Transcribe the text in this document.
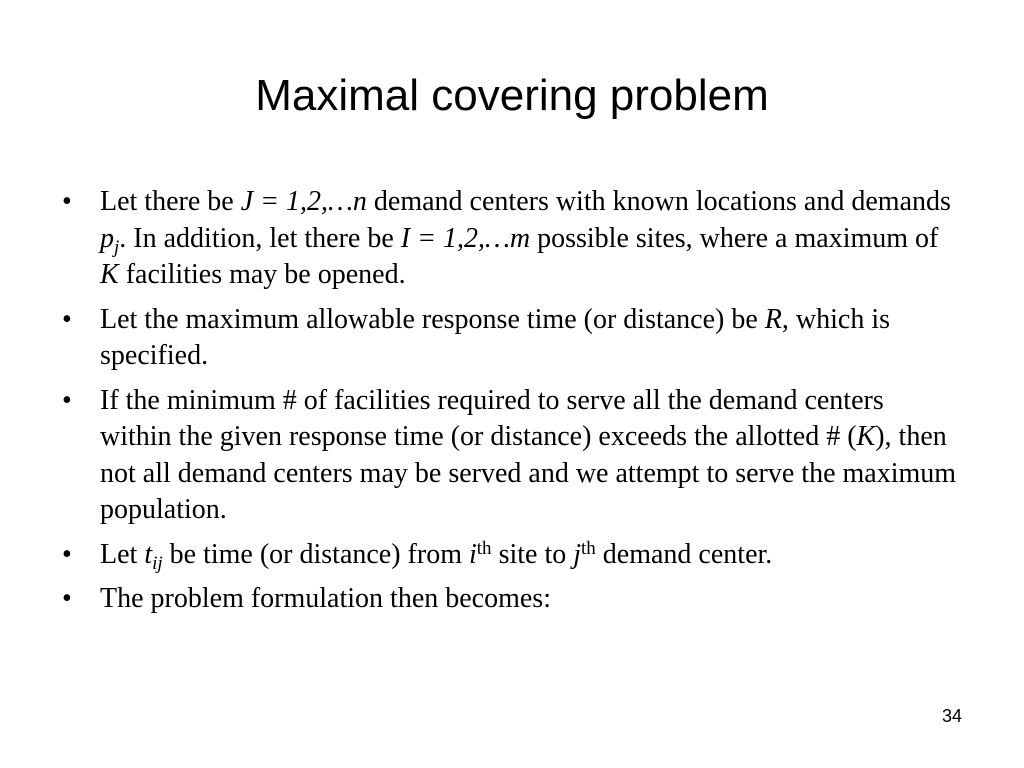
Maximal covering problem
• Let there be J = 1,2,…n demand centers with known locations and demands $p_j$. In addition, let there be I = 1,2,…m possible sites, where a maximum of K facilities may be opened.
• Let the maximum allowable response time (or distance) be R, which is specified.
• If the minimum # of facilities required to serve all the demand centers within the given response time (or distance) exceeds the allotted # (K), then not all demand centers may be served and we attempt to serve the maximum population.
• Let $t_{ij}$ be time (or distance) from $i^{th}$ site to $j^{th}$ demand center.
• The problem formulation then becomes:
34
